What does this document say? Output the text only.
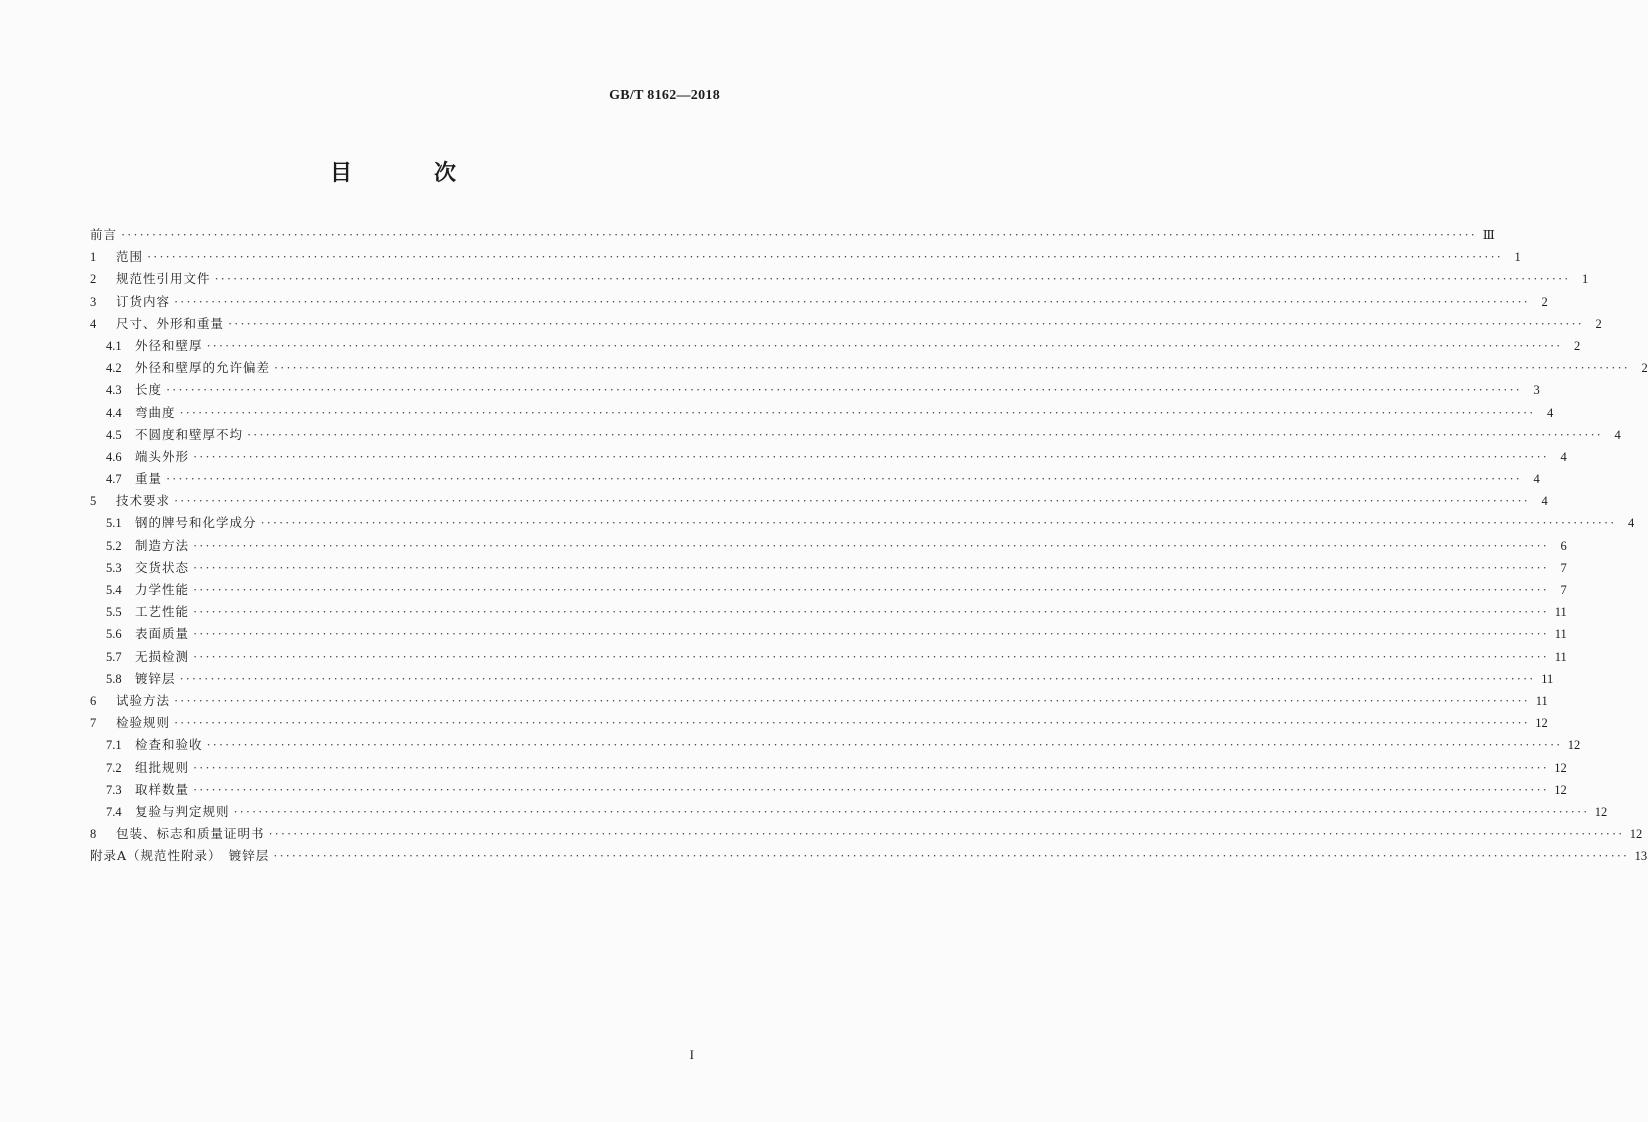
GB/T 8162—2018
目　次
前言 ···························································································································································································································· Ⅲ
1	范围 ···························································································································································································································· 1
2	规范性引用文件 ···························································································································································································································· 1
3	订货内容 ···························································································································································································································· 2
4	尺寸、外形和重量 ···························································································································································································································· 2
4.1	外径和壁厚 ···························································································································································································································· 2
4.2	外径和壁厚的允许偏差 ···························································································································································································································· 2
4.3	长度 ···························································································································································································································· 3
4.4	弯曲度 ···························································································································································································································· 4
4.5	不圆度和壁厚不均 ···························································································································································································································· 4
4.6	端头外形 ···························································································································································································································· 4
4.7	重量 ···························································································································································································································· 4
5	技术要求 ···························································································································································································································· 4
5.1	钢的牌号和化学成分 ···························································································································································································································· 4
5.2	制造方法 ···························································································································································································································· 6
5.3	交货状态 ···························································································································································································································· 7
5.4	力学性能 ···························································································································································································································· 7
5.5	工艺性能 ···························································································································································································································· 11
5.6	表面质量 ···························································································································································································································· 11
5.7	无损检测 ···························································································································································································································· 11
5.8	镀锌层 ···························································································································································································································· 11
6	试验方法 ···························································································································································································································· 11
7	检验规则 ···························································································································································································································· 12
7.1	检查和验收 ···························································································································································································································· 12
7.2	组批规则 ···························································································································································································································· 12
7.3	取样数量 ···························································································································································································································· 12
7.4	复验与判定规则 ···························································································································································································································· 12
8	包装、标志和质量证明书 ···························································································································································································································· 12
附录A（规范性附录）　镀锌层 ···························································································································································································································· 13
I
